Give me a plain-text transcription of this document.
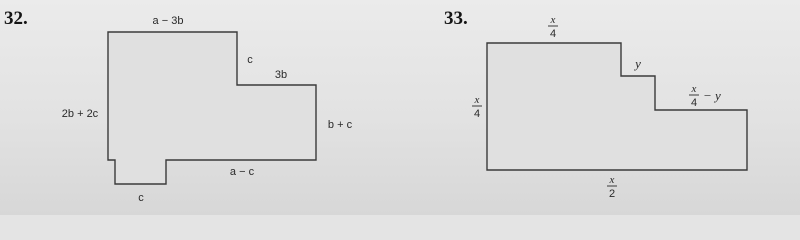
32.	a − 3b
c
3b
b + c
2b + 2c
a − c
c
33.	x
4
y
x
4 − y
x
4
x
2
